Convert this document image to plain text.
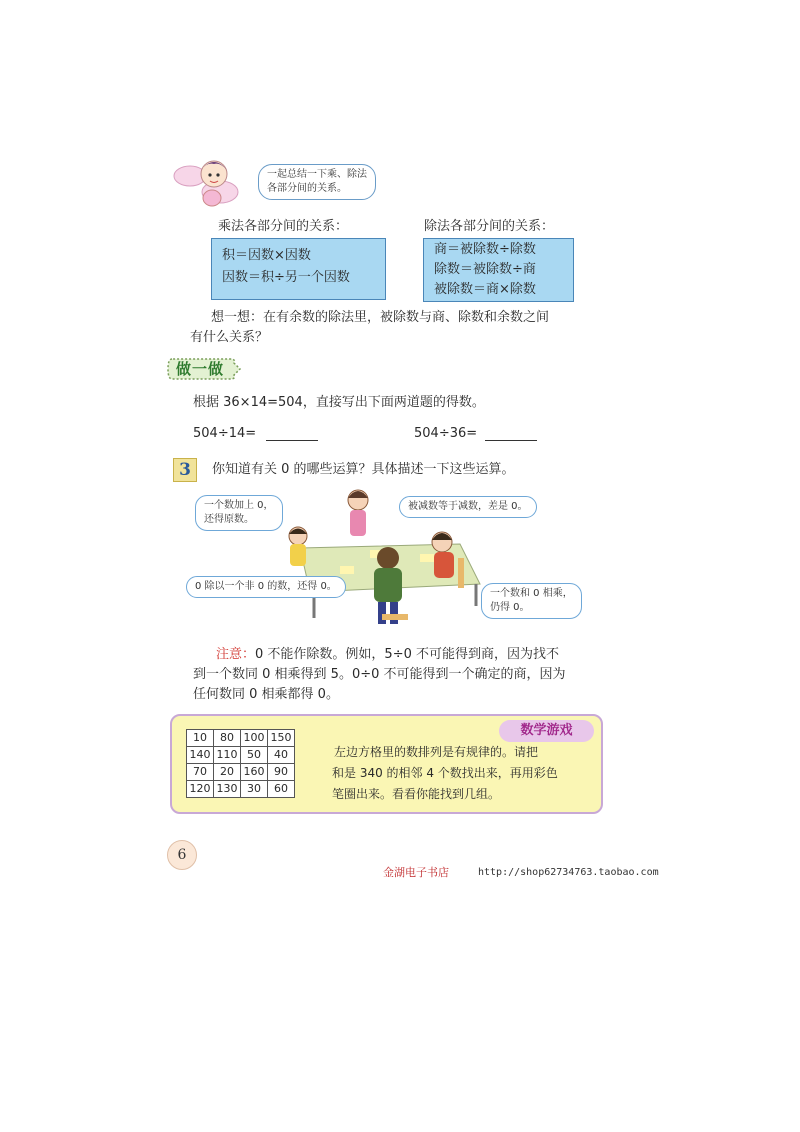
一起总结一下乘、除法
各部分间的关系。
乘法各部分间的关系：	除法各部分间的关系：
积＝因数×因数
因数＝积÷另一个因数
商＝被除数÷除数
除数＝被除数÷商
被除数＝商×除数
想一想：在有余数的除法里，被除数与商、除数和余数之间
有什么关系？
做一做
根据 36×14=504，直接写出下面两道题的得数。
504÷14=	504÷36=
3	你知道有关 0 的哪些运算？具体描述一下这些运算。
一个数加上 0，
还得原数。
被减数等于减数，差是 0。
0 除以一个非 0 的数，还得 0。
一个数和 0 相乘，
仍得 0。
注意：0 不能作除数。例如，5÷0 不可能得到商，因为找不
到一个数同 0 相乘得到 5。0÷0 不可能得到一个确定的商，因为
任何数同 0 相乘都得 0。
10	80	100	150
140	110	50	40
70	20	160	90
120	130	30	60
数学游戏
左边方格里的数排列是有规律的。请把
和是 340 的相邻 4 个数找出来，再用彩色
笔圈出来。看看你能找到几组。
6
金湖电子书店	http://shop62734763.taobao.com
